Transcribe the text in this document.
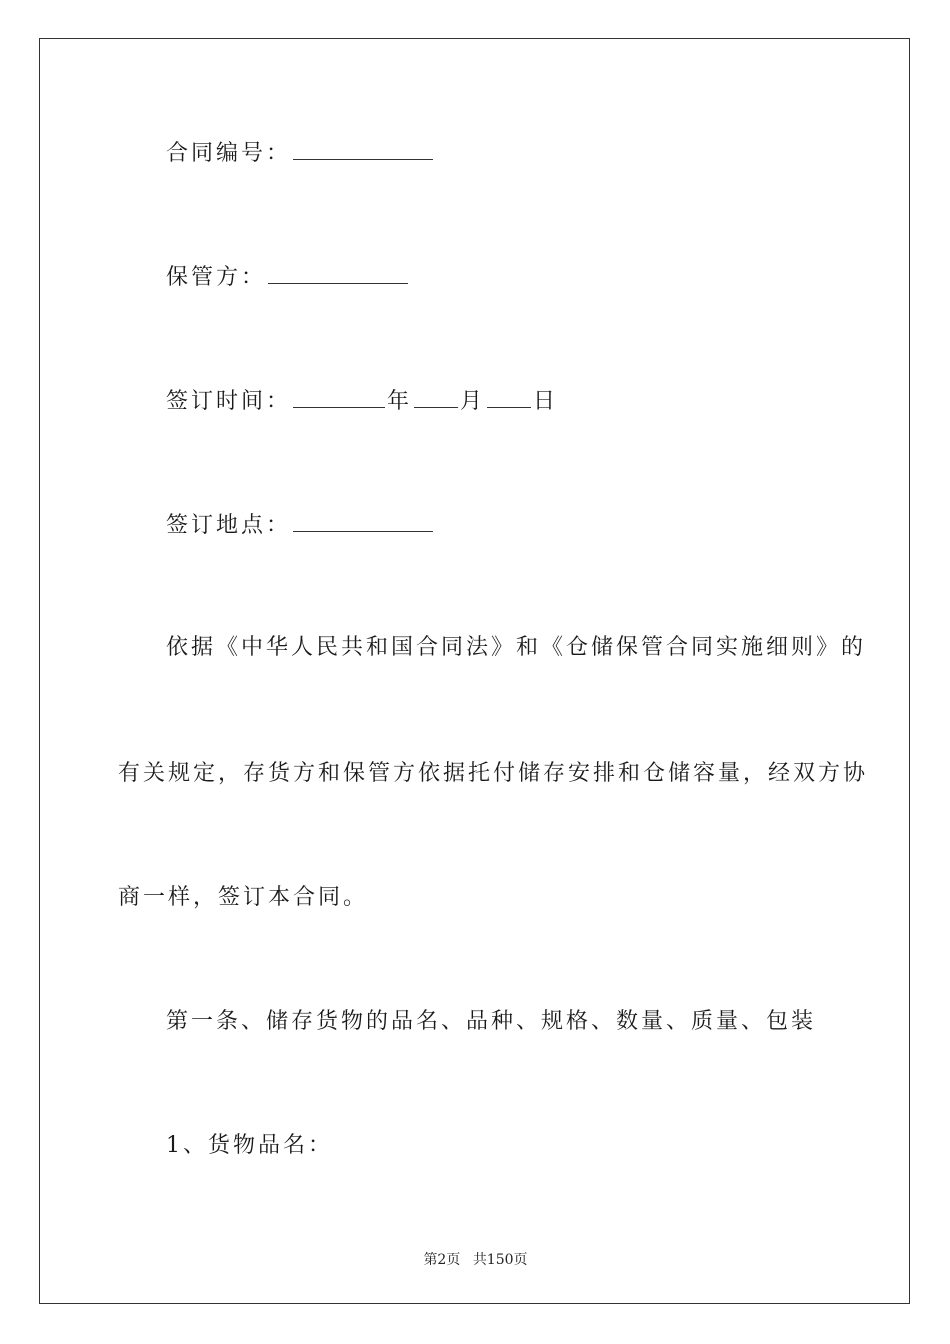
合同编号：
保管方：
签订时间：	年 月 日
签订地点：
依据《中华人民共和国合同法》和《仓储保管合同实施细则》的
有关规定，存货方和保管方依据托付储存安排和仓储容量，经双方协
商一样，签订本合同。
第一条、储存货物的品名、品种、规格、数量、质量、包装
1、货物品名：
第2页 共150页
